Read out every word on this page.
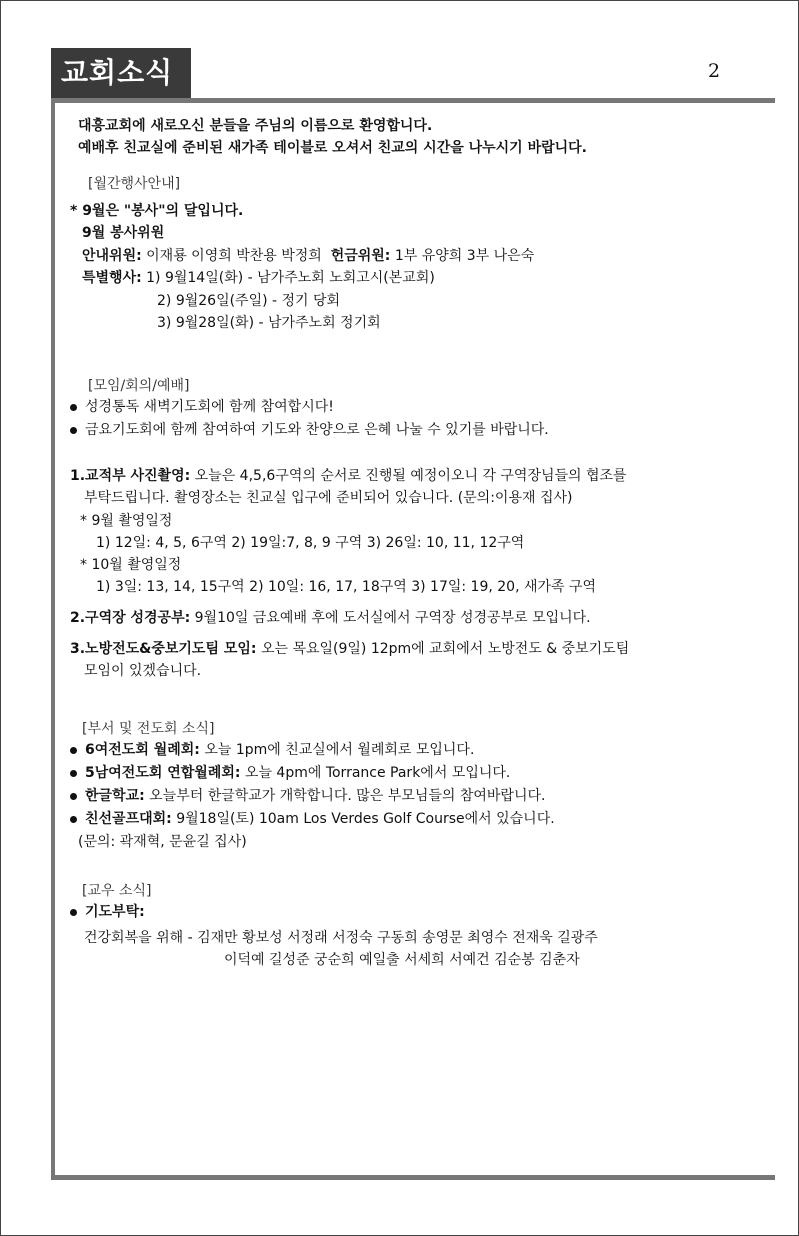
교회소식	2
대흥교회에 새로오신 분들을 주님의 이름으로 환영합니다.
예배후 친교실에 준비된 새가족 테이블로 오셔서 친교의 시간을 나누시기 바랍니다.
[월간행사안내]
* 9월은 "봉사"의 달입니다.
9월 봉사위원
안내위원: 이재룡 이영희 박찬용 박정희 헌금위원: 1부 유양희 3부 나은숙
특별행사: 1) 9월14일(화) - 남가주노회 노회고시(본교회)
2) 9월26일(주일) - 정기 당회
3) 9월28일(화) - 남가주노회 정기회
[모임/회의/예배]
성경통독 새벽기도회에 함께 참여합시다!
금요기도회에 함께 참여하여 기도와 찬양으로 은혜 나눌 수 있기를 바랍니다.
1.교적부 사진촬영: 오늘은 4,5,6구역의 순서로 진행될 예정이오니 각 구역장님들의 협조를
부탁드립니다. 촬영장소는 친교실 입구에 준비되어 있습니다. (문의:이용재 집사)
* 9월 촬영일정
1) 12일: 4, 5, 6구역 2) 19일:7, 8, 9 구역 3) 26일: 10, 11, 12구역
* 10월 촬영일정
1) 3일: 13, 14, 15구역 2) 10일: 16, 17, 18구역 3) 17일: 19, 20, 새가족 구역
2.구역장 성경공부: 9월10일 금요예배 후에 도서실에서 구역장 성경공부로 모입니다.
3.노방전도&중보기도팀 모임: 오는 목요일(9일) 12pm에 교회에서 노방전도 & 중보기도팀
모임이 있겠습니다.
[부서 및 전도회 소식]
6여전도회 월례회: 오늘 1pm에 친교실에서 월례회로 모입니다.
5남여전도회 연합월례회: 오늘 4pm에 Torrance Park에서 모입니다.
한글학교: 오늘부터 한글학교가 개학합니다. 많은 부모님들의 참여바랍니다.
친선골프대회: 9월18일(토) 10am Los Verdes Golf Course에서 있습니다.
(문의: 곽재혁, 문윤길 집사)
[교우 소식]
기도부탁:
건강회복을 위해 - 김재만 황보성 서정래 서정숙 구동희 송영문 최영수 전재욱 길광주
이덕예 길성준 궁순희 예일출 서세희 서예건 김순봉 김춘자
